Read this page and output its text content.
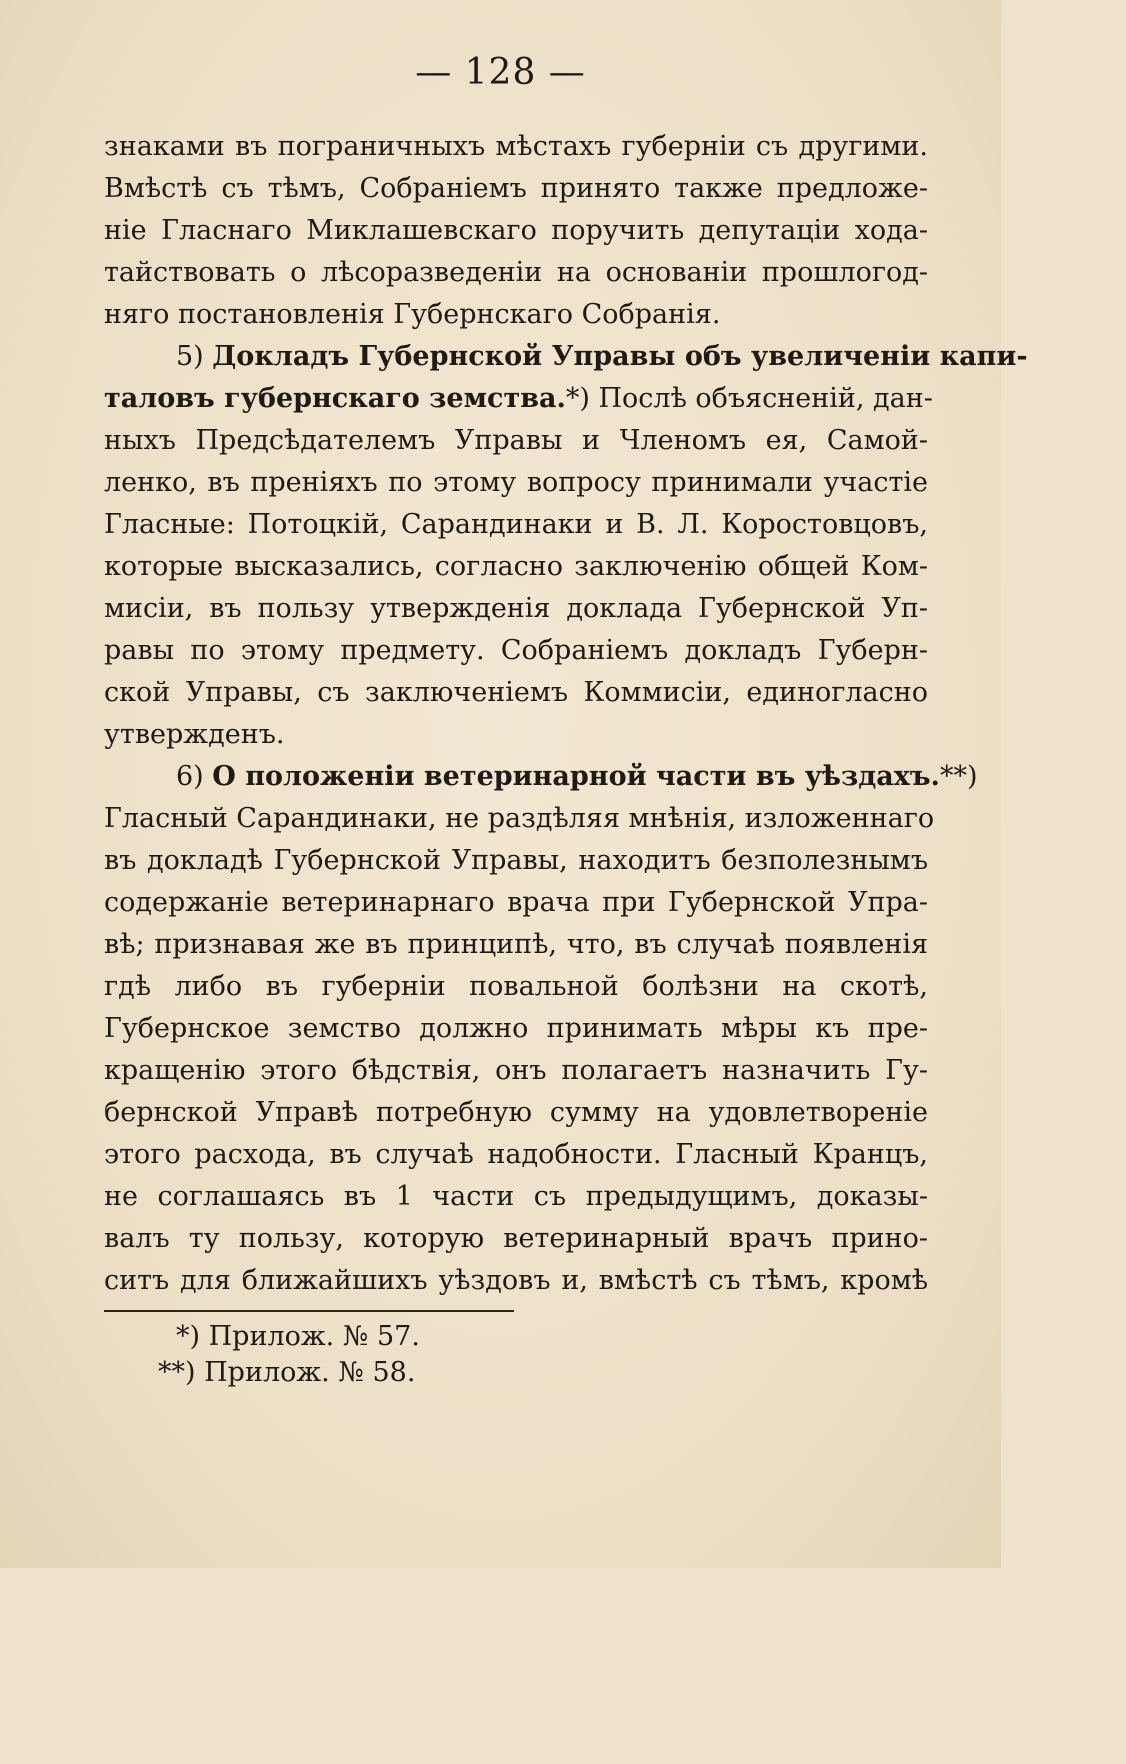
— 128 —
знаками въ пограничныхъ мѣстахъ губерніи съ другими.
Вмѣстѣ съ тѣмъ, Собраніемъ принято также предложе-
ніе Гласнаго Миклашевскаго поручить депутаціи хода-
тайствовать о лѣсоразведеніи на основаніи прошлогод-
няго постановленія Губернскаго Собранія.
5) Докладъ Губернской Управы объ увеличеніи капи-
таловъ губернскаго земства.*) Послѣ объясненій, дан-
ныхъ Предсѣдателемъ Управы и Членомъ ея, Самой-
ленко, въ преніяхъ по этому вопросу принимали участіе
Гласные: Потоцкій, Сарандинаки и В. Л. Коростовцовъ,
которые высказались, согласно заключенію общей Ком-
мисіи, въ пользу утвержденія доклада Губернской Уп-
равы по этому предмету. Собраніемъ докладъ Губерн-
ской Управы, съ заключеніемъ Коммисіи, единогласно
утвержденъ.
6) О положеніи ветеринарной части въ уѣздахъ.**)
Гласный Сарандинаки, не раздѣляя мнѣнія, изложеннаго
въ докладѣ Губернской Управы, находитъ безполезнымъ
содержаніе ветеринарнаго врача при Губернской Упра-
вѣ; признавая же въ принципѣ, что, въ случаѣ появленія
гдѣ либо въ губерніи повальной болѣзни на скотѣ,
Губернское земство должно принимать мѣры къ пре-
кращенію этого бѣдствія, онъ полагаетъ назначить Гу-
бернской Управѣ потребную сумму на удовлетвореніе
этого расхода, въ случаѣ надобности. Гласный Кранцъ,
не соглашаясь въ 1 части съ предыдущимъ, доказы-
валъ ту пользу, которую ветеринарный врачъ прино-
ситъ для ближайшихъ уѣздовъ и, вмѣстѣ съ тѣмъ, кромѣ
*) Прилож. № 57.
**) Прилож. № 58.
